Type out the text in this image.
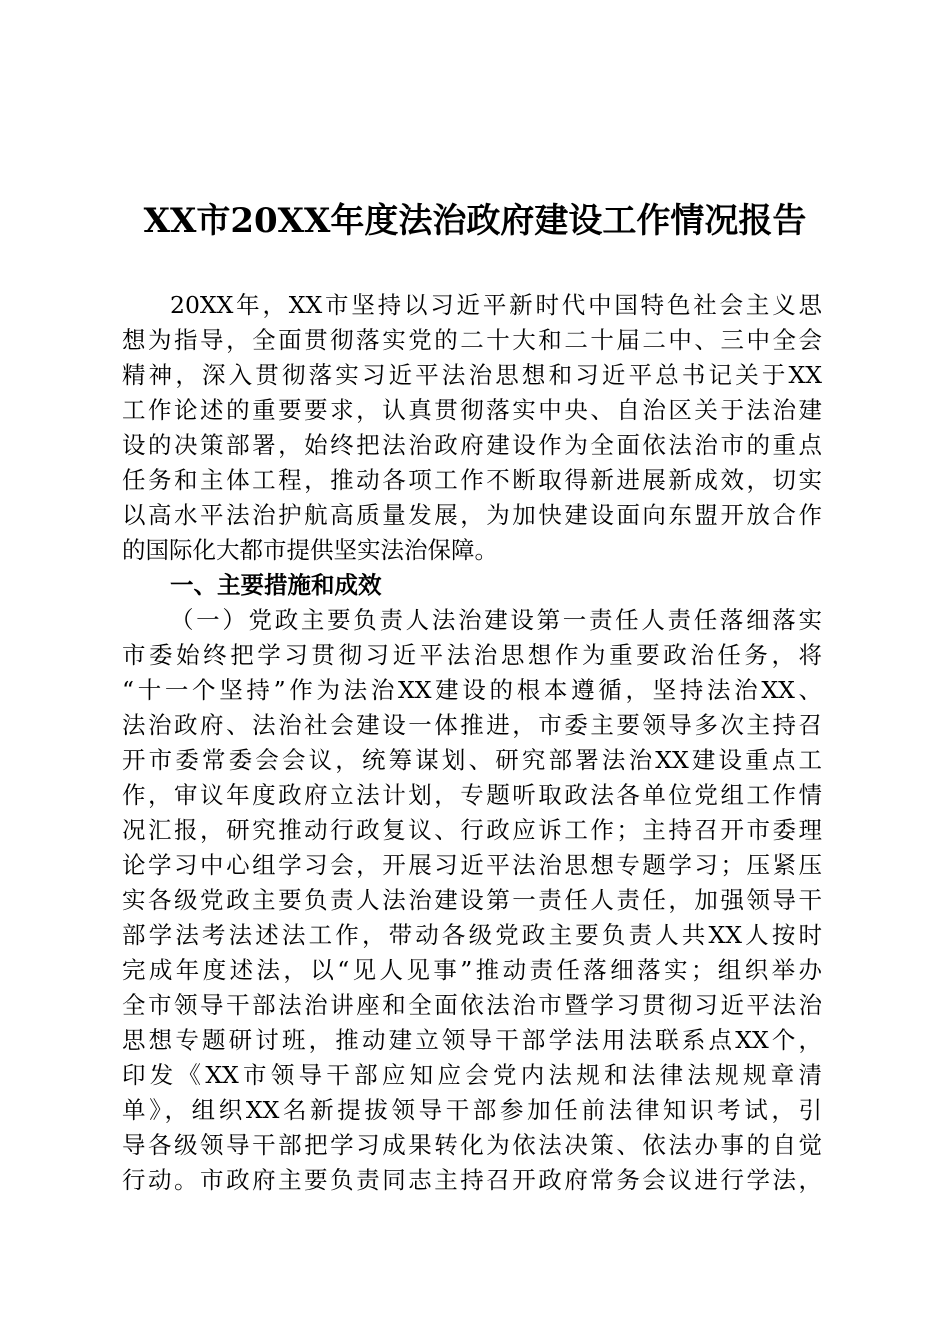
XX市20XX年度法治政府建设工作情况报告
20XX年，XX市坚持以习近平新时代中国特色社会主义思
想为指导，全面贯彻落实党的二十大和二十届二中、三中全会
精神，深入贯彻落实习近平法治思想和习近平总书记关于XX
工作论述的重要要求，认真贯彻落实中央、自治区关于法治建
设的决策部署，始终把法治政府建设作为全面依法治市的重点
任务和主体工程，推动各项工作不断取得新进展新成效，切实
以高水平法治护航高质量发展，为加快建设面向东盟开放合作
的国际化大都市提供坚实法治保障。
一、主要措施和成效
（一）党政主要负责人法治建设第一责任人责任落细落实
市委始终把学习贯彻习近平法治思想作为重要政治任务，将
“十一个坚持”作为法治XX建设的根本遵循，坚持法治XX、
法治政府、法治社会建设一体推进，市委主要领导多次主持召
开市委常委会会议，统筹谋划、研究部署法治XX建设重点工
作，审议年度政府立法计划，专题听取政法各单位党组工作情
况汇报，研究推动行政复议、行政应诉工作；主持召开市委理
论学习中心组学习会，开展习近平法治思想专题学习；压紧压
实各级党政主要负责人法治建设第一责任人责任，加强领导干
部学法考法述法工作，带动各级党政主要负责人共XX人按时
完成年度述法，以“见人见事”推动责任落细落实；组织举办
全市领导干部法治讲座和全面依法治市暨学习贯彻习近平法治
思想专题研讨班，推动建立领导干部学法用法联系点XX个，
印发《XX市领导干部应知应会党内法规和法律法规规章清
单》，组织XX名新提拔领导干部参加任前法律知识考试，引
导各级领导干部把学习成果转化为依法决策、依法办事的自觉
行动。市政府主要负责同志主持召开政府常务会议进行学法，
